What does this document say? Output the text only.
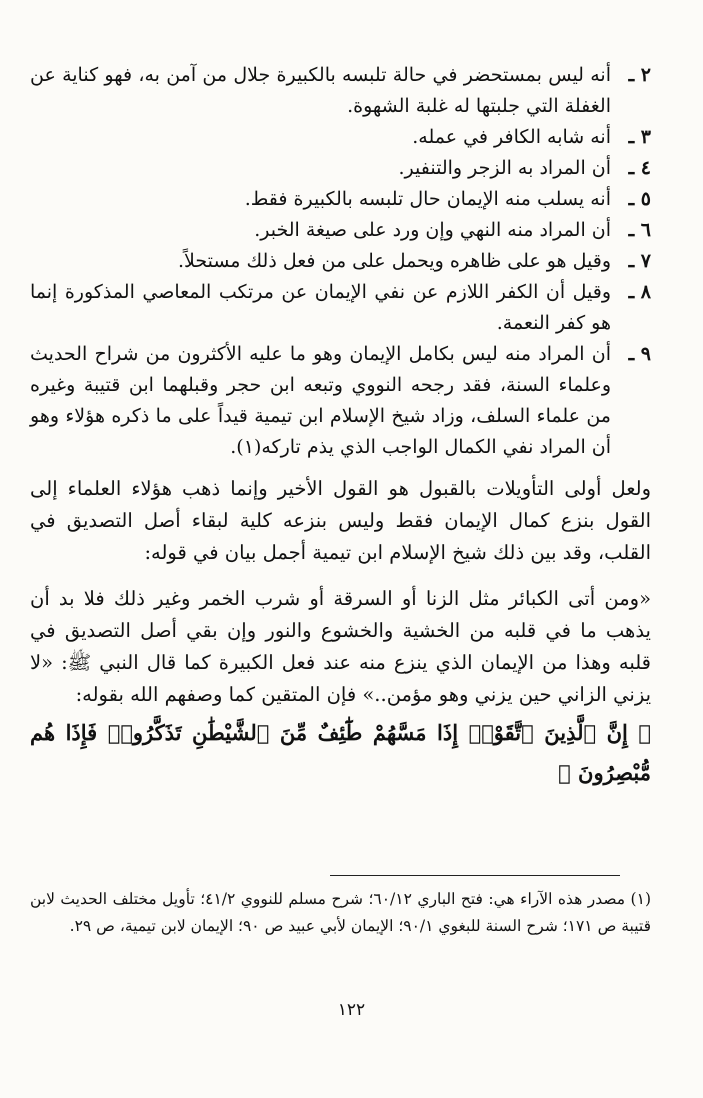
٢ ـ
أنه ليس بمستحضر في حالة تلبسه بالكبيرة جلال من آمن به، فهو كناية عن الغفلة التي جلبتها له غلبة الشهوة.
٣ ـ
أنه شابه الكافر في عمله.
٤ ـ
أن المراد به الزجر والتنفير.
٥ ـ
أنه يسلب منه الإيمان حال تلبسه بالكبيرة فقط.
٦ ـ
أن المراد منه النهي وإن ورد على صيغة الخبر.
٧ ـ
وقيل هو على ظاهره ويحمل على من فعل ذلك مستحلاً.
٨ ـ
وقيل أن الكفر اللازم عن نفي الإيمان عن مرتكب المعاصي المذكورة إنما هو كفر النعمة.
٩ ـ
أن المراد منه ليس بكامل الإيمان وهو ما عليه الأكثرون من شراح الحديث وعلماء السنة، فقد رجحه النووي وتبعه ابن حجر وقبلهما ابن قتيبة وغيره من علماء السلف، وزاد شيخ الإسلام ابن تيمية قيداً على ما ذكره هؤلاء وهو أن المراد نفي الكمال الواجب الذي يذم تاركه(١).

ولعل أولى التأويلات بالقبول هو القول الأخير وإنما ذهب هؤلاء العلماء إلى القول بنزع كمال الإيمان فقط وليس بنزعه كلية لبقاء أصل التصديق في القلب، وقد بين ذلك شيخ الإسلام ابن تيمية أجمل بيان في قوله:

«ومن أتى الكبائر مثل الزنا أو السرقة أو شرب الخمر وغير ذلك فلا بد أن يذهب ما في قلبه من الخشية والخشوع والنور وإن بقي أصل التصديق في قلبه وهذا من الإيمان الذي ينزع منه عند فعل الكبيرة كما قال النبي ﷺ: «لا يزني الزاني حين يزني وهو مؤمن..» فإن المتقين كما وصفهم الله بقوله:

﴿ إِنَّ ٱلَّذِينَ ٱتَّقَوْا۟ إِذَا مَسَّهُمْ طَٰٓئِفٌ مِّنَ ٱلشَّيْطَٰنِ تَذَكَّرُوا۟ فَإِذَا هُم مُّبْصِرُونَ ﴾

(١) مصدر هذه الآراء هي: فتح الباري ٦٠/١٢؛ شرح مسلم للنووي ٤١/٢؛ تأويل مختلف الحديث لابن قتيبة ص ١٧١؛ شرح السنة للبغوي ٩٠/١؛ الإيمان لأبي عبيد ص ٩٠؛ الإيمان لابن تيمية، ص ٢٩.
١٢٢
